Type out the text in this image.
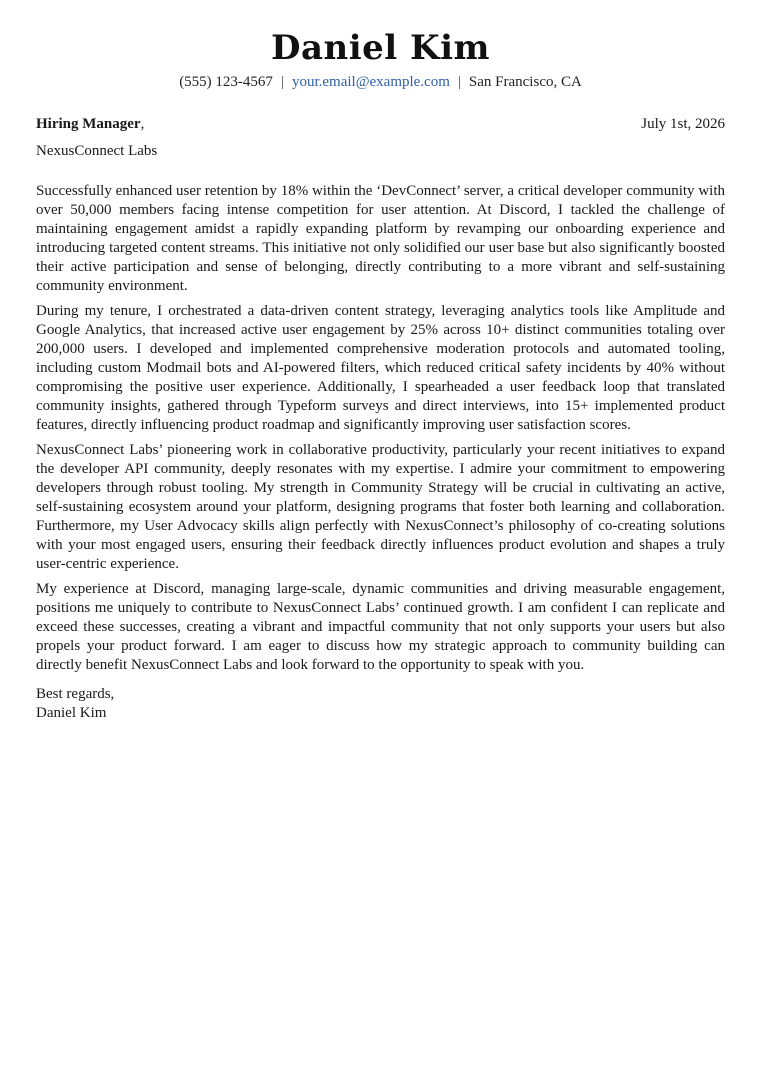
Daniel Kim
(555) 123-4567 | your.email@example.com | San Francisco, CA
Hiring Manager,	July 1st, 2026
NexusConnect Labs

Successfully enhanced user retention by 18% within the ‘DevConnect’ server, a critical developer community with over 50,000 members facing intense competition for user attention. At Discord, I tackled the challenge of maintaining engagement amidst a rapidly expanding platform by revamping our onboarding experience and introducing targeted content streams. This initiative not only solidified our user base but also significantly boosted their active participation and sense of belonging, directly contributing to a more vibrant and self-sustaining community environment.

During my tenure, I orchestrated a data-driven content strategy, leveraging analytics tools like Amplitude and Google Analytics, that increased active user engagement by 25% across 10+ distinct communities totaling over 200,000 users. I developed and implemented comprehensive moderation protocols and automated tooling, including custom Modmail bots and AI-powered filters, which reduced critical safety incidents by 40% without compromising the positive user experience. Additionally, I spearheaded a user feedback loop that translated community insights, gathered through Typeform surveys and direct interviews, into 15+ implemented product features, directly influencing product roadmap and significantly improving user satisfaction scores.

NexusConnect Labs’ pioneering work in collaborative productivity, particularly your recent initiatives to expand the developer API community, deeply resonates with my expertise. I admire your commitment to empowering developers through robust tooling. My strength in Community Strategy will be crucial in cultivating an active, self-sustaining ecosystem around your platform, designing programs that foster both learning and collaboration. Furthermore, my User Advocacy skills align perfectly with NexusConnect’s philosophy of co-creating solutions with your most engaged users, ensuring their feedback directly influences product evolution and shapes a truly user-centric experience.

My experience at Discord, managing large-scale, dynamic communities and driving measurable engagement, positions me uniquely to contribute to NexusConnect Labs’ continued growth. I am confident I can replicate and exceed these successes, creating a vibrant and impactful community that not only supports your users but also propels your product forward. I am eager to discuss how my strategic approach to community building can directly benefit NexusConnect Labs and look forward to the opportunity to speak with you.

Best regards,
Daniel Kim
